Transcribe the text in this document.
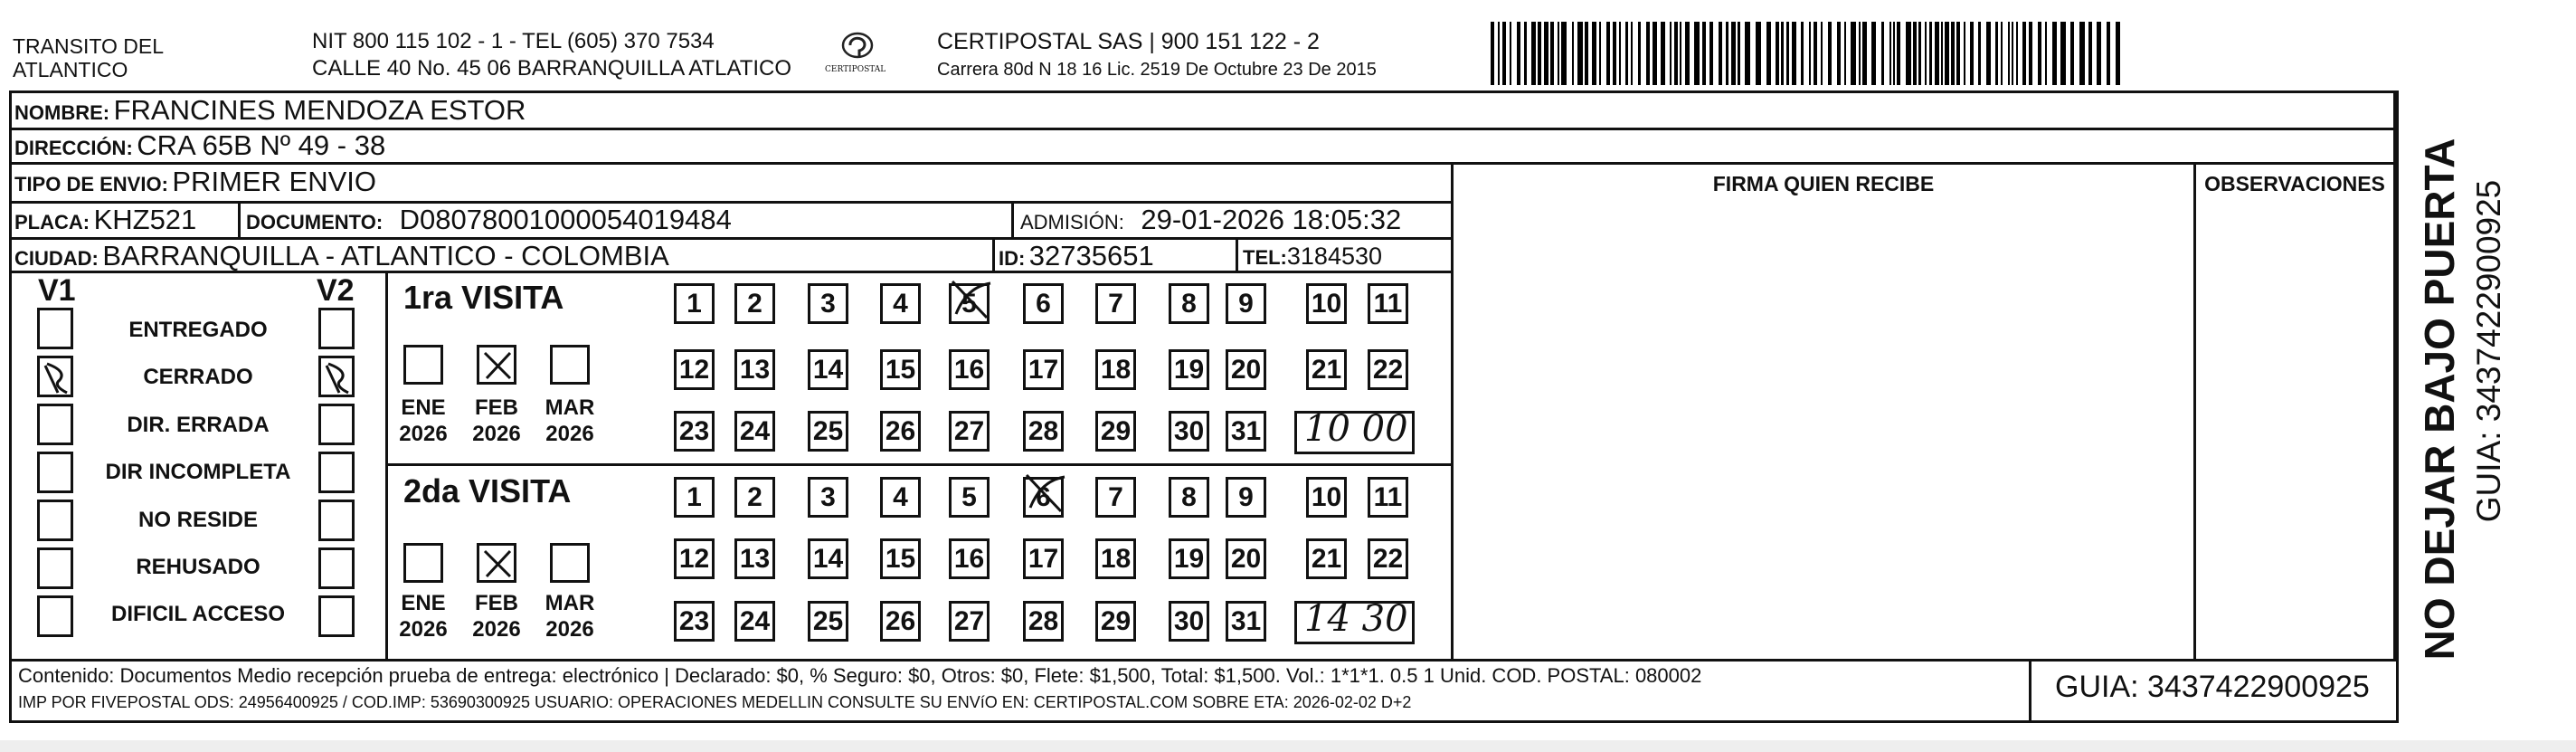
TRANSITO DEL
ATLANTICO
NIT 800 115 102 - 1 - TEL (605) 370 7534
CALLE 40 No. 45 06 BARRANQUILLA ATLATICO	CERTIPOSTAL
CERTIPOSTAL SAS | 900 151 122 - 2
Carrera 80d N 18 16 Lic. 2519 De Octubre 23 De 2015
NOMBRE: FRANCINES MENDOZA ESTOR
DIRECCIÓN: CRA 65B Nº 49 - 38
TIPO DE ENVIO: PRIMER ENVIO	FIRMA QUIEN RECIBE	OBSERVACIONES
PLACA: KHZ521 DOCUMENTO: D08078001000054019484	ADMISIÓN: 29-01-2026 18:05:32
CIUDAD: BARRANQUILLA - ATLANTICO - COLOMBIA	ID: 32735651	TEL:3184530
V1	V2
ENTREGADO
CERRADO
DIR. ERRADA
DIR INCOMPLETA
NO RESIDE
REHUSADO
DIFICIL ACCESO
1ra VISITA
ENE
2026
FEB
2026
MAR
2026
1	2	3	4	5	6	7	8	9	10 11
12 13 14 15 16 17 18 19 20 21 22
23 24 25 26 27 28 29 30 31 10 00
2da VISITA
ENE
2026
FEB
2026
MAR
2026
1	2	3	4	5	6	7	8	9	10 11
12 13 14 15 16 17 18 19 20 21 22
23 24 25 26 27 28 29 30 31 14 30
Contenido: Documentos Medio recepción prueba de entrega: electrónico | Declarado: $0, % Seguro: $0, Otros: $0, Flete: $1,500, Total: $1,500. Vol.: 1*1*1. 0.5 1 Unid. COD. POSTAL: 080002
IMP POR FIVEPOSTAL ODS: 24956400925 / COD.IMP: 53690300925 USUARIO: OPERACIONES MEDELLIN CONSULTE SU ENVíO EN: CERTIPOSTAL.COM SOBRE ETA: 2026-02-02 D+2	GUIA: 3437422900925
NO DEJAR BAJO PUERTA GUIA: 3437422900925
